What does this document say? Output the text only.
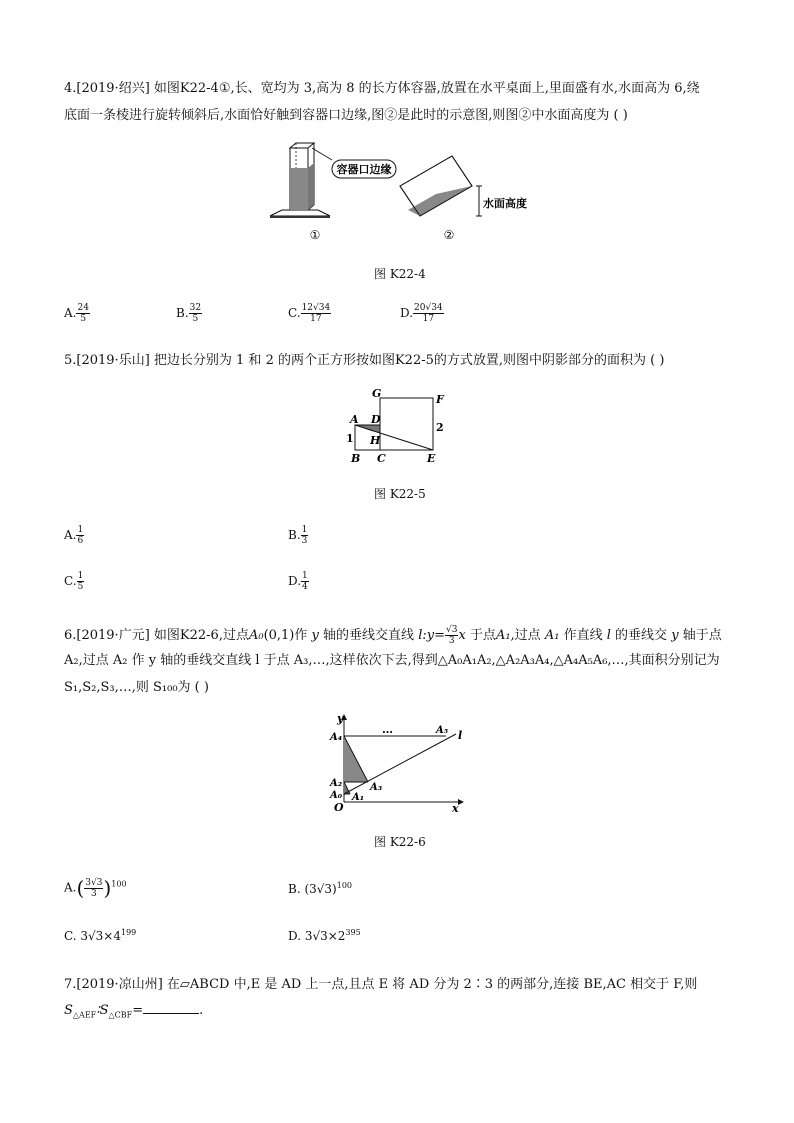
4.[2019·绍兴] 如图K22-4①,长、宽均为 3,高为 8 的长方体容器,放置在水平桌面上,里面盛有水,水面高为 6,绕
底面一条棱进行旋转倾斜后,水面恰好触到容器口边缘,图②是此时的示意图,则图②中水面高度为 ( )
容器口边缘
水面高度
①	②
图 K22-4
A. $\frac{24}{5}$	B. $\frac{32}{5}$	C. $\frac{12√34}{17}$	D. $\frac{20√34}{17}$
5.[2019·乐山] 把边长分别为 1 和 2 的两个正方形按如图K22-5的方式放置,则图中阴影部分的面积为 ( )
A D
H
G	F
B C	E
1
2
图 K22-5
A. $\frac{1}{6}$	B. $\frac{1}{3}$
C. $\frac{1}{5}$	D. $\frac{1}{4}$
6.[2019·广元] 如图K22-6,过点A₀(0,1)作 y 轴的垂线交直线 l:y= $\frac{√3}{3}$ x 于点A₁,过点 A₁ 作直线 l 的垂线交 y 轴于点
A₂,过点 A₂ 作 y 轴的垂线交直线 l 于点 A₃,…,这样依次下去,得到△A₀A₁A₂,△A₂A₃A₄,△A₄A₅A₆,…,其面积分别记为
S₁,S₂,S₃,…,则 S₁₀₀为 ( )
y
x
O
A₀
A₂
A₄
A₁
A₃
A₅ l
…
图 K22-6
$A.( \frac{3√3}{3} )^{100}$	B. $(3√3)^{100}$
C. $3√3\times 4^{199}$	D. $3√3\times 2^{395}$
7.[2019·凉山州] 在▱ABCD 中,E 是 AD 上一点,且点 E 将 AD 分为 2∶3 的两部分,连接 BE,AC 相交于 F,则
$S_{\triangle AEF}∶S_{\triangle CBF}=$	.
